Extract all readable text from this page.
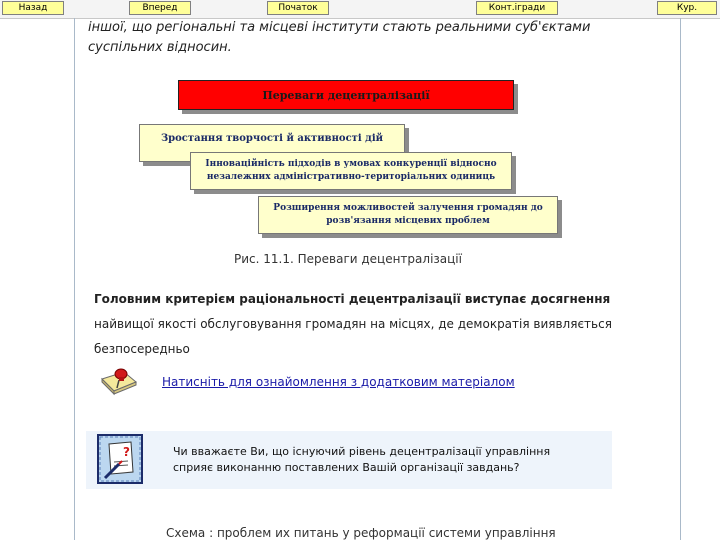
Назад	Вперед	Початок	Конт.ігради	Кур.
іншої, що регіональні та місцеві інститути стають реальними суб'єктами
суспільних відносин.
Переваги децентралізації
Зростання творчості й активності дій
Інноваційність підходів в умовах конкуренції відносно
незалежних адміністративно-територіальних одиниць
Розширення можливостей залучення громадян до
розв'язання місцевих проблем
Рис. 11.1. Переваги децентралізації
Головним критерієм раціональності децентралізації виступає досягнення
найвищої якості обслуговування громадян на місцях, де демократія виявляється
безпосередньо
Натисніть для ознайомлення з додатковим матеріалом
?	Чи вважаєте Ви, що існуючий рівень децентралізації управління
сприяє виконанню поставлених Вашій організації завдань?
Схема : проблем их питань у реформації системи управління
